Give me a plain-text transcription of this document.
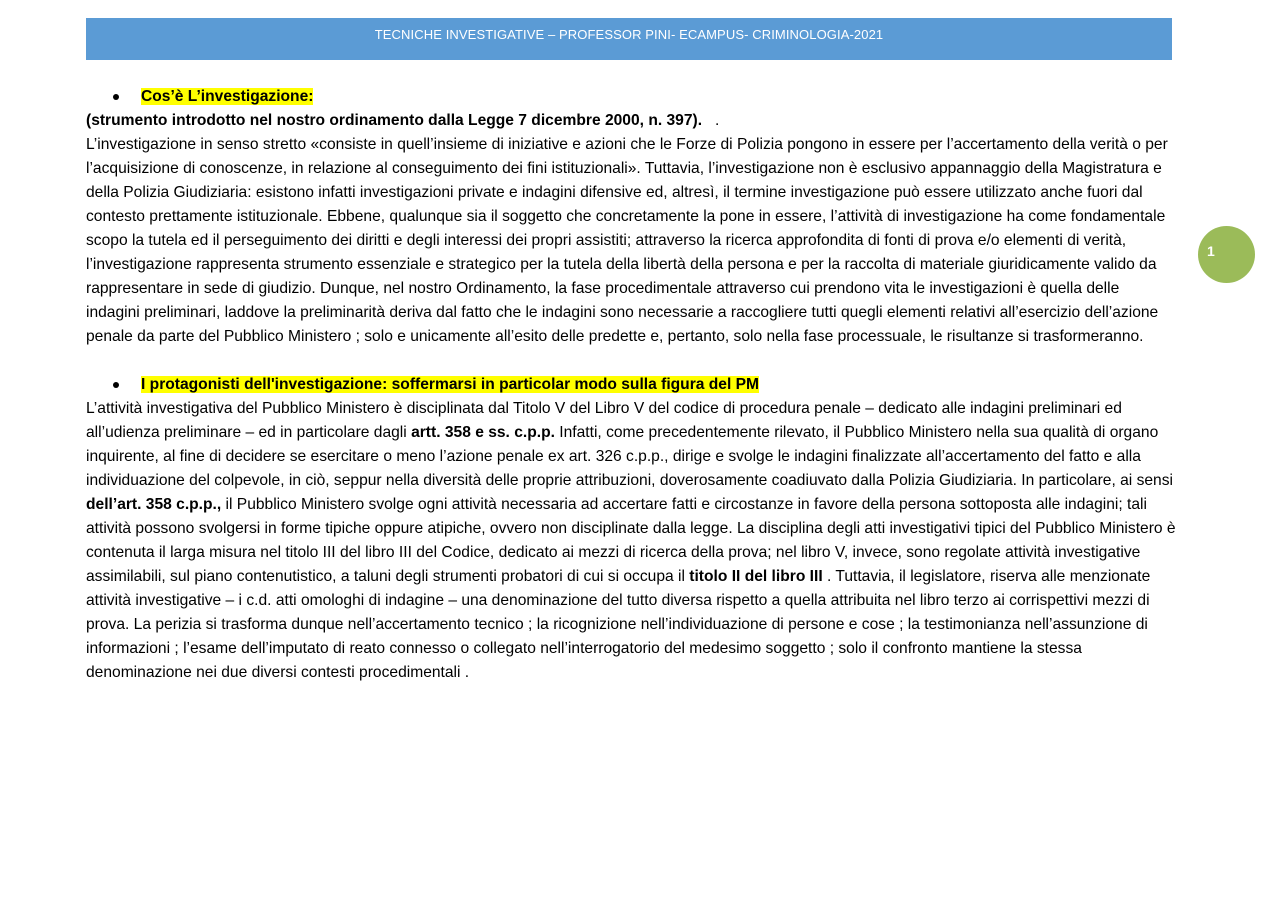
TECNICHE INVESTIGATIVE – PROFESSOR PINI- ECAMPUS- CRIMINOLOGIA-2021
1
Cos’è L’investigazione:

(strumento introdotto nel nostro ordinamento dalla Legge 7 dicembre 2000, n. 397).   .

L’investigazione in senso stretto «consiste in quell’insieme di iniziative e azioni che le Forze di Polizia pongono in essere per l’accertamento della verità o per l’acquisizione di conoscenze, in relazione al conseguimento dei fini istituzionali». Tuttavia, l’investigazione non è esclusivo appannaggio della Magistratura e della Polizia Giudiziaria: esistono infatti investigazioni private e indagini difensive ed, altresì, il termine investigazione può essere utilizzato anche fuori dal contesto prettamente istituzionale. Ebbene, qualunque sia il soggetto che concretamente la pone in essere, l’attività di investigazione ha come fondamentale scopo la tutela ed il perseguimento dei diritti e degli interessi dei propri assistiti; attraverso la ricerca approfondita di fonti di prova e/o elementi di verità, l’investigazione rappresenta strumento essenziale e strategico per la tutela della libertà della persona e per la raccolta di materiale giuridicamente valido da rappresentare in sede di giudizio. Dunque, nel nostro Ordinamento, la fase procedimentale attraverso cui prendono vita le investigazioni è quella delle indagini preliminari, laddove la preliminarità deriva dal fatto che le indagini sono necessarie a raccogliere tutti quegli elementi relativi all’esercizio dell’azione penale da parte del Pubblico Ministero ; solo e unicamente all’esito delle predette e, pertanto, solo nella fase processuale, le risultanze si trasformeranno.

I protagonisti dell'investigazione: soffermarsi in particolar modo sulla figura del PM

L’attività investigativa del Pubblico Ministero è disciplinata dal Titolo V del Libro V del codice di procedura penale – dedicato alle indagini preliminari ed all’udienza preliminare – ed in particolare dagli artt. 358 e ss. c.p.p. Infatti, come precedentemente rilevato, il Pubblico Ministero nella sua qualità di organo inquirente, al fine di decidere se esercitare o meno l’azione penale ex art. 326 c.p.p., dirige e svolge le indagini finalizzate all’accertamento del fatto e alla individuazione del colpevole, in ciò, seppur nella diversità delle proprie attribuzioni, doverosamente coadiuvato dalla Polizia Giudiziaria. In particolare, ai sensi dell’art. 358 c.p.p., il Pubblico Ministero svolge ogni attività necessaria ad accertare fatti e circostanze in favore della persona sottoposta alle indagini; tali attività possono svolgersi in forme tipiche oppure atipiche, ovvero non disciplinate dalla legge. La disciplina degli atti investigativi tipici del Pubblico Ministero è contenuta il larga misura nel titolo III del libro III del Codice, dedicato ai mezzi di ricerca della prova; nel libro V, invece, sono regolate attività investigative assimilabili, sul piano contenutistico, a taluni degli strumenti probatori di cui si occupa il titolo II del libro III . Tuttavia, il legislatore, riserva alle menzionate attività investigative – i c.d. atti omologhi di indagine – una denominazione del tutto diversa rispetto a quella attribuita nel libro terzo ai corrispettivi mezzi di prova. La perizia si trasforma dunque nell’accertamento tecnico ; la ricognizione nell’individuazione di persone e cose ; la testimonianza nell’assunzione di informazioni ; l’esame dell’imputato di reato connesso o collegato nell’interrogatorio del medesimo soggetto ; solo il confronto mantiene la stessa denominazione nei due diversi contesti procedimentali .
